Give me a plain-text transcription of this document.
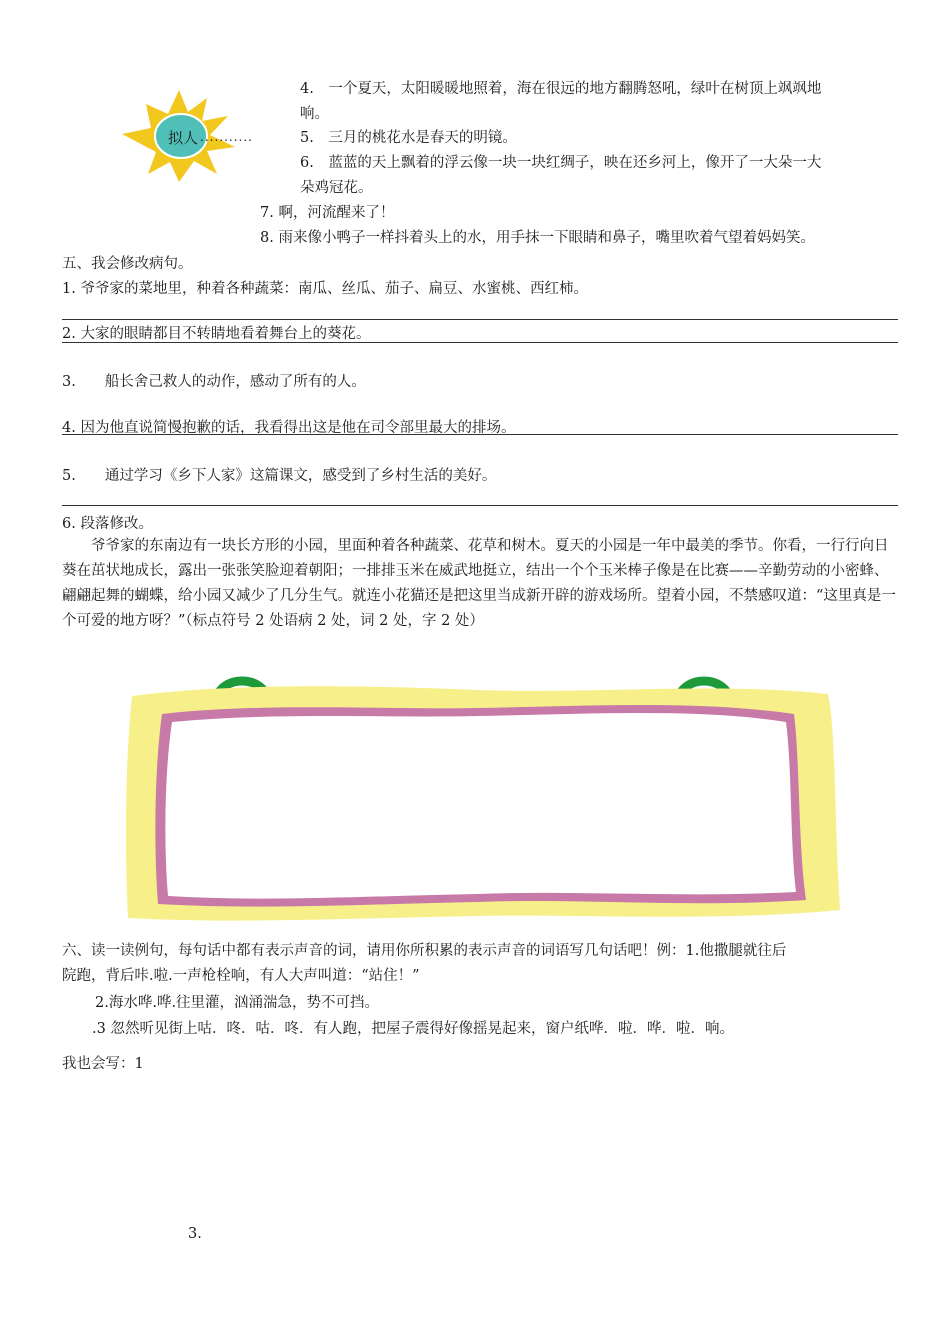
拟人 ...........
4.　一个夏天，太阳暖暖地照着，海在很远的地方翻腾怒吼，绿叶在树顶上飒飒地
响。
5.　三月的桃花水是春天的明镜。
6.　蓝蓝的天上飘着的浮云像一块一块红绸子，映在还乡河上，像开了一大朵一大
朵鸡冠花。
7. 啊，河流醒来了！
8. 雨来像小鸭子一样抖着头上的水，用手抹一下眼睛和鼻子，嘴里吹着气望着妈妈笑。
五、我会修改病句。
1. 爷爷家的菜地里，种着各种蔬菜：南瓜、丝瓜、茄子、扁豆、水蜜桃、西红柿。
2. 大家的眼睛都目不转睛地看着舞台上的葵花。
3.　　船长舍己救人的动作，感动了所有的人。
4. 因为他直说简慢抱歉的话，我看得出这是他在司令部里最大的排场。
5.　　通过学习《乡下人家》这篇课文，感受到了乡村生活的美好。
6. 段落修改。
爷爷家的东南边有一块长方形的小园，里面种着各种蔬菜、花草和树木。夏天的小园是一年中最美的季节。你看，一行行向日葵在茁状地成长，露出一张张笑脸迎着朝阳；一排排玉米在威武地挺立，结出一个个玉米棒子像是在比赛——辛勤劳动的小密蜂、翩翩起舞的蝴蝶，给小园又减少了几分生气。就连小花猫还是把这里当成新开辟的游戏场所。望着小园，不禁感叹道：“这里真是一个可爱的地方呀？”（标点符号 2 处语病 2 处，词 2 处，字 2 处）
六、读一读例句，每句话中都有表示声音的词，请用你所积累的表示声音的词语写几句话吧！例：1.他撒腿就往后
院跑，背后咔.啦.一声枪栓响，有人大声叫道：“站住！”
2.海水哗.哗.往里灌，汹涌湍急，势不可挡。
.3 忽然听见街上咕．咚．咕．咚．有人跑，把屋子震得好像摇晃起来，窗户纸哗．啦．哗．啦．响。
我也会写：1
3.
